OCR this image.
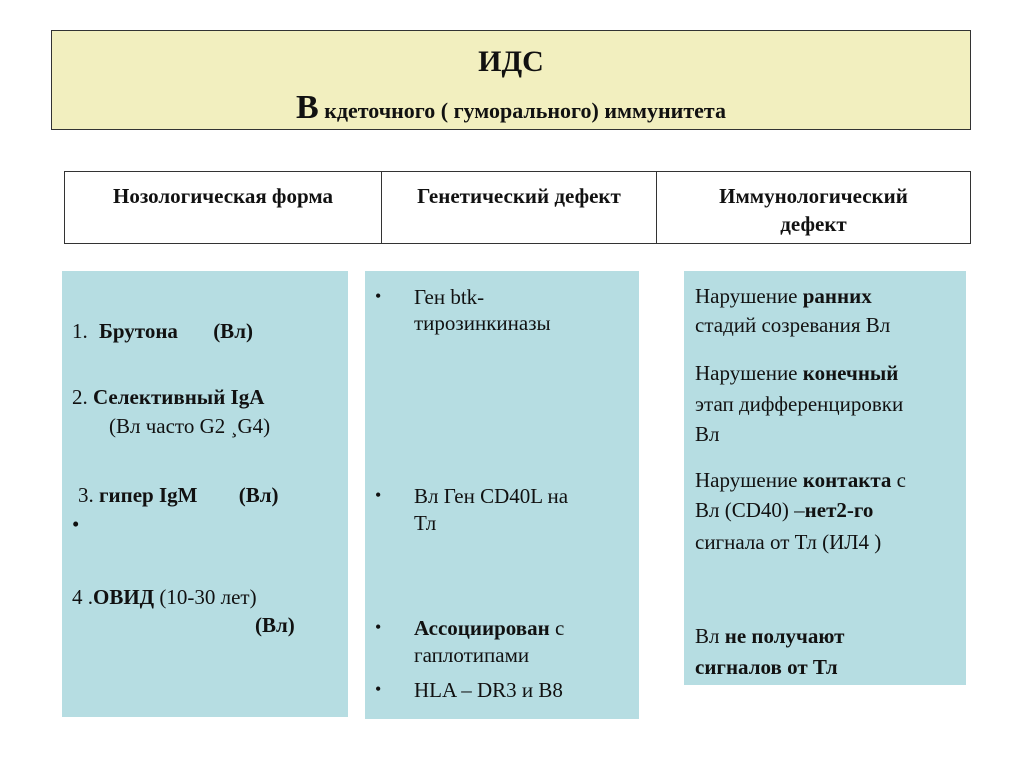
ИДС
В кдеточного ( гуморального) иммунитета
Нозологическая форма	Генетический дефект	Иммунологический дефект
1. Брутона (Вл)
2. Селективный IgA
(Вл часто G2 ¸G4)
3. гипер IgM (Вл)
•
4 .ОВИД (10-30 лет)
(Вл)
• Ген btk-
тирозинкиназы
• Вл Ген CD40L на
Тл
• Ассоциирован с
гаплотипами
• HLA – DR3 и B8
Нарушение ранних
стадий созревания Вл
Нарушение конечный
этап дифференцировки
Вл
Нарушение контакта с
Вл (CD40) –нет2-го
сигнала от Тл (ИЛ4 )
Вл не получают
сигналов от Тл
